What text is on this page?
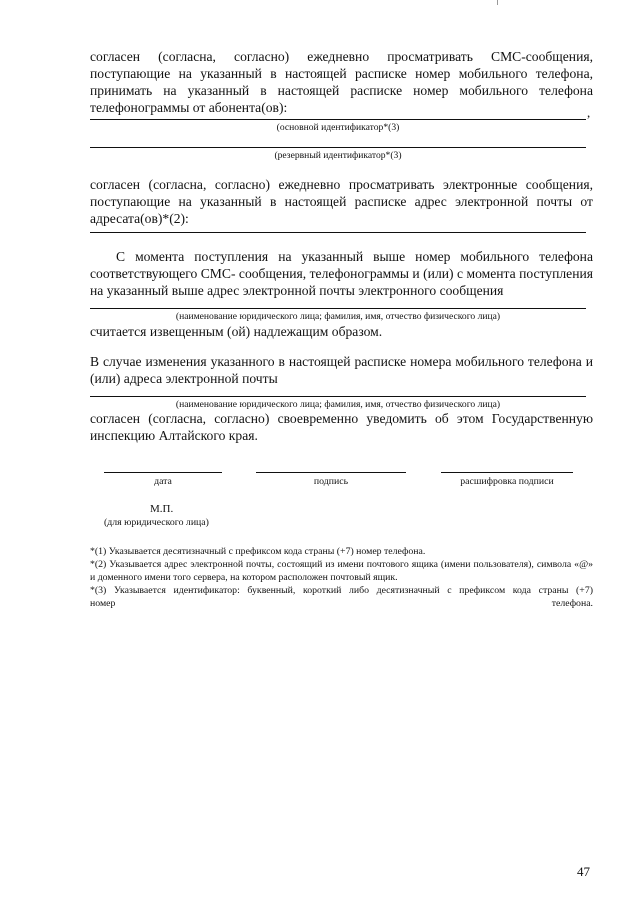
согласен (согласна, согласно) ежедневно просматривать СМС-сообщения, поступающие на указанный в настоящей расписке номер мобильного телефона, принимать на указанный в настоящей расписке номер мобильного телефона телефонограммы от абонента(ов):	,
(основной идентификатор*(3)
(резервный идентификатор*(3)
согласен (согласна, согласно) ежедневно просматривать электронные сообщения, поступающие на указанный в настоящей расписке адрес электронной почты от адресата(ов)*(2):
С момента поступления на указанный выше номер мобильного телефона соответствующего СМС- сообщения, телефонограммы и (или) с момента поступления на указанный выше адрес электронной почты электронного сообщения
(наименование юридического лица; фамилия, имя, отчество физического лица)
считается извещенным (ой) надлежащим образом.
В случае изменения указанного в настоящей расписке номера мобильного телефона и (или) адреса электронной почты
(наименование юридического лица; фамилия, имя, отчество физического лица)
согласен (согласна, согласно) своевременно уведомить об этом Государственную инспекцию Алтайского края.
дата	подпись	расшифровка подписи
М.П.
(для юридического лица)
*(1) Указывается десятизначный с префиксом кода страны (+7) номер телефона.
*(2) Указывается адрес электронной почты, состоящий из имени почтового ящика (имени пользователя), символа «@» и доменного имени того сервера, на котором расположен почтовый ящик.
*(3) Указывается идентификатор: буквенный, короткий либо десятизначный с префиксом кода страны (+7)
номер	телефона.
47
